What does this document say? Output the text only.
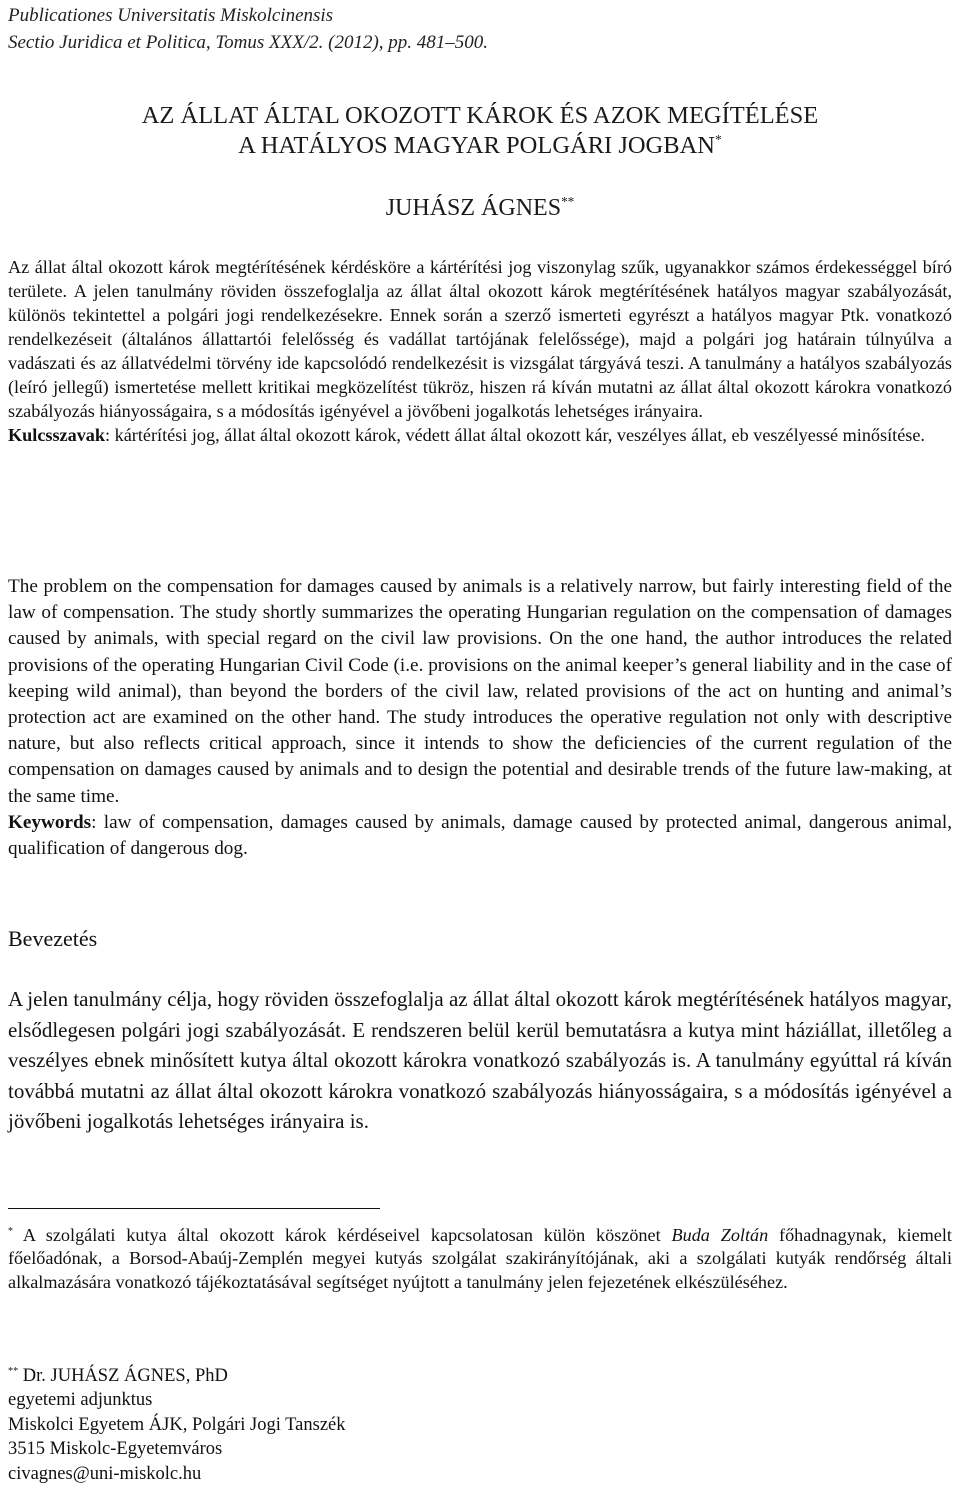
Publicationes Universitatis Miskolcinensis
Sectio Juridica et Politica, Tomus XXX/2. (2012), pp. 481–500.
AZ ÁLLAT ÁLTAL OKOZOTT KÁROK ÉS AZOK MEGÍTÉLÉSE
A HATÁLYOS MAGYAR POLGÁRI JOGBAN*
JUHÁSZ ÁGNES**

Az állat által okozott károk megtérítésének kérdésköre a kártérítési jog viszonylag szűk, ugyanakkor számos érdekességgel bíró területe. A jelen tanulmány röviden összefoglalja az állat által okozott károk megtérítésének hatályos magyar szabályozását, különös tekintettel a polgári jogi rendelkezésekre. Ennek során a szerző ismerteti egyrészt a hatályos magyar Ptk. vonatkozó rendelkezéseit (általános állattartói felelősség és vadállat tartójának felelőssége), majd a polgári jog határain túlnyúlva a vadászati és az állatvédelmi törvény ide kapcsolódó rendelkezésit is vizsgálat tárgyává teszi. A tanulmány a hatályos szabályozás (leíró jellegű) ismertetése mellett kritikai megközelítést tükröz, hiszen rá kíván mutatni az állat által okozott károkra vonatkozó szabályozás hiányosságaira, s a módosítás igényével a jövőbeni jogalkotás lehetséges irányaira.

Kulcsszavak: kártérítési jog, állat által okozott károk, védett állat által okozott kár, veszélyes állat, eb veszélyessé minősítése.

The problem on the compensation for damages caused by animals is a relatively narrow, but fairly interesting field of the law of compensation. The study shortly summarizes the operating Hungarian regulation on the compensation of damages caused by animals, with special regard on the civil law provisions. On the one hand, the author introduces the related provisions of the operating Hungarian Civil Code (i.e. provisions on the animal keeper’s general liability and in the case of keeping wild animal), than beyond the borders of the civil law, related provisions of the act on hunting and animal’s protection act are examined on the other hand. The study introduces the operative regulation not only with descriptive nature, but also reflects critical approach, since it intends to show the deficiencies of the current regulation of the compensation on damages caused by animals and to design the potential and desirable trends of the future law-making, at the same time.

Keywords: law of compensation, damages caused by animals, damage caused by protected animal, dangerous animal, qualification of dangerous dog.

Bevezetés

A jelen tanulmány célja, hogy röviden összefoglalja az állat által okozott károk megtérítésének hatályos magyar, elsődlegesen polgári jogi szabályozását. E rendszeren belül kerül bemutatásra a kutya mint háziállat, illetőleg a veszélyes ebnek minősített kutya által okozott károkra vonatkozó szabályozás is. A tanulmány egyúttal rá kíván továbbá mutatni az állat által okozott károkra vonatkozó szabályozás hiányosságaira, s a módosítás igényével a jövőbeni jogalkotás lehetséges irányaira is.

* A szolgálati kutya által okozott károk kérdéseivel kapcsolatosan külön köszönet Buda Zoltán főhadnagynak, kiemelt főelőadónak, a Borsod-Abaúj-Zemplén megyei kutyás szolgálat szakirányítójának, aki a szolgálati kutyák rendőrség általi alkalmazására vonatkozó tájékoztatásával segítséget nyújtott a tanulmány jelen fejezetének elkészüléséhez.

** Dr. JUHÁSZ ÁGNES, PhD
egyetemi adjunktus
Miskolci Egyetem ÁJK, Polgári Jogi Tanszék
3515 Miskolc-Egyetemváros
civagnes@uni-miskolc.hu
